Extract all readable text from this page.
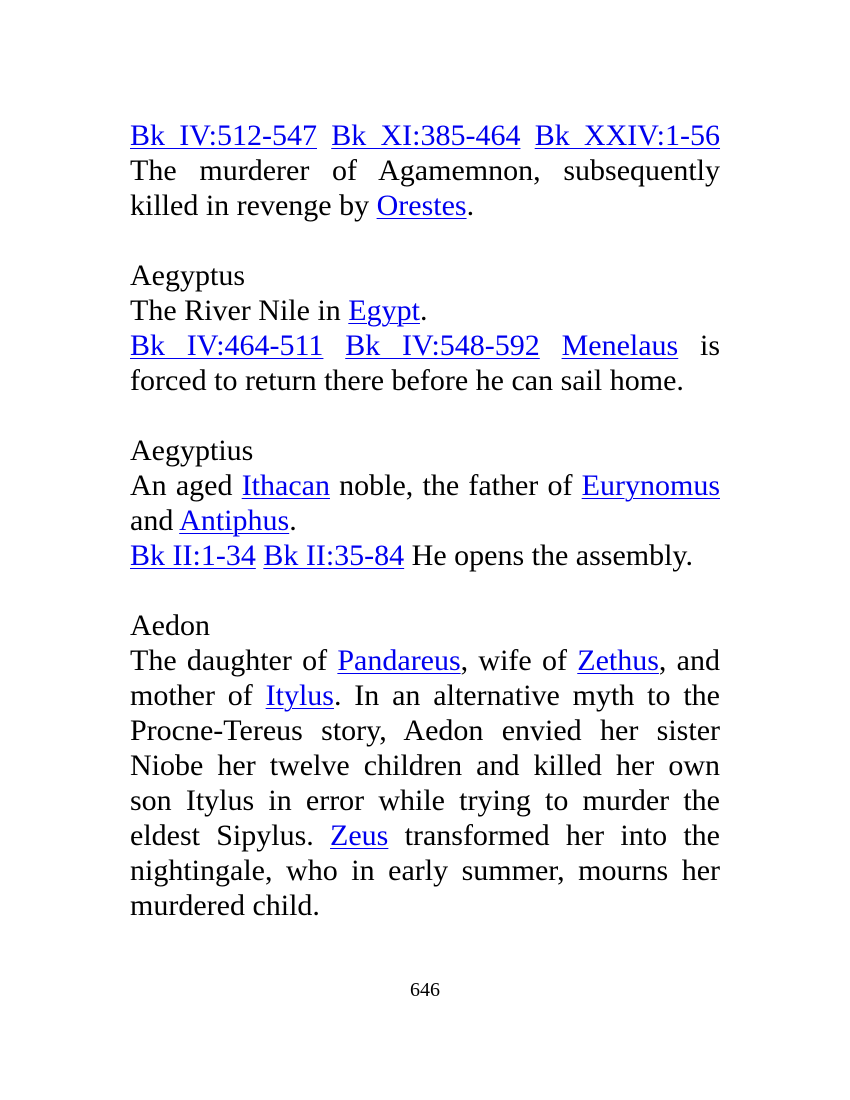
Bk IV:512-547 Bk XI:385-464 Bk XXIV:1-56

The murderer of Agamemnon, subsequently killed in revenge by Orestes.

Aegyptus

The River Nile in Egypt.

Bk IV:464-511 Bk IV:548-592 Menelaus is forced to return there before he can sail home.

Aegyptius

An aged Ithacan noble, the father of Eurynomus and Antiphus.

Bk II:1-34 Bk II:35-84 He opens the assembly.

Aedon

The daughter of Pandareus, wife of Zethus, and mother of Itylus. In an alternative myth to the Procne-Tereus story, Aedon envied her sister Niobe her twelve children and killed her own son Itylus in error while trying to murder the eldest Sipylus. Zeus transformed her into the nightingale, who in early summer, mourns her murdered child.

646
